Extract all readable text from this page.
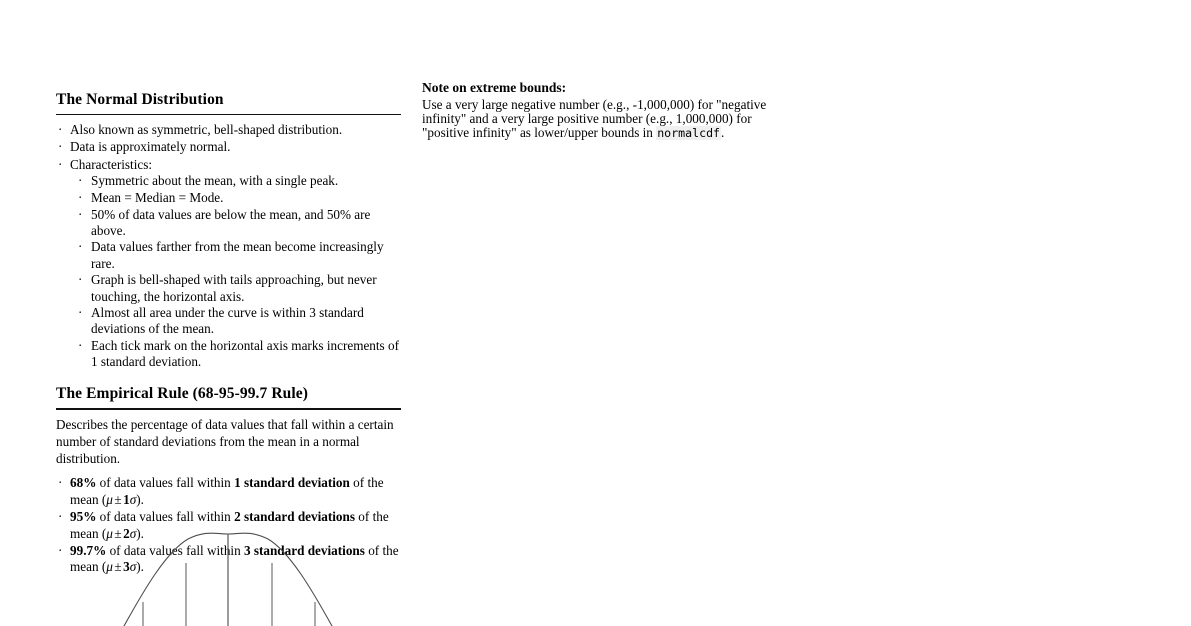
The Normal Distribution
· Also known as symmetric, bell-shaped distribution.
· Data is approximately normal.
· Characteristics:
· Symmetric about the mean, with a single peak.
· Mean = Median = Mode.
· 50% of data values are below the mean, and 50% are above.
· Data values farther from the mean become increasingly rare.
· Graph is bell-shaped with tails approaching, but never touching, the horizontal axis.
· Almost all area under the curve is within 3 standard deviations of the mean.
· Each tick mark on the horizontal axis marks increments of 1 standard deviation.
The Empirical Rule (68-95-99.7 Rule)

Describes the percentage of data values that fall within a certain number of standard deviations from the mean in a normal distribution.

· 68% of data values fall within 1 standard deviation of the mean (μ ± 1σ).
· 95% of data values fall within 2 standard deviations of the mean (μ ± 2σ).
· 99.7% of data values fall within 3 standard deviations of the mean (μ ± 3σ).
Note on extreme bounds:

Use a very large negative number (e.g., -1,000,000) for "negative infinity" and a very large positive number (e.g., 1,000,000) for "positive infinity" as lower/upper bounds in normalcdf.
